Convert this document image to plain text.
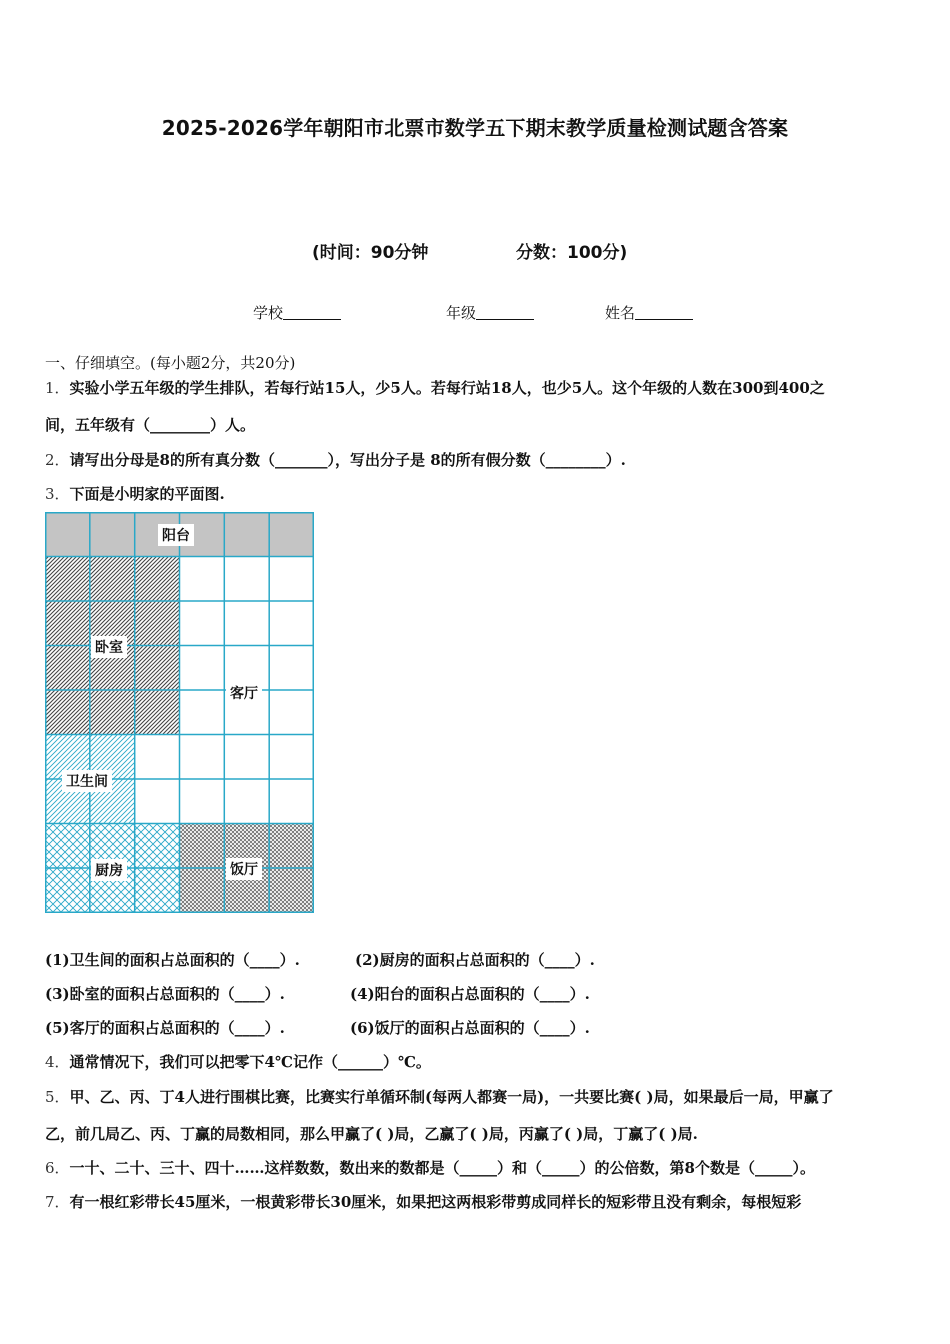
2025-2026学年朝阳市北票市数学五下期末教学质量检测试题含答案
(时间：90分钟	分数：100分)
学校	年级	姓名
一、仔细填空。(每小题2分，共20分)
1．实验小学五年级的学生排队，若每行站15人，少5人。若每行站18人，也少5人。这个年级的人数在300到400之
间，五年级有（________）人。
2．请写出分母是8的所有真分数（_______），写出分子是 8的所有假分数（________）.
3．下面是小明家的平面图.
阳台
卧室
客厅
卫生间
厨房	饭厅
(1)卫生间的面积占总面积的（____）.	(2)厨房的面积占总面积的（____）.
(3)卧室的面积占总面积的（____）.	(4)阳台的面积占总面积的（____）.
(5)客厅的面积占总面积的（____）.	(6)饭厅的面积占总面积的（____）.
4．通常情况下，我们可以把零下4℃记作（______）℃。
5．甲、乙、丙、丁4人进行围棋比赛，比赛实行单循环制(每两人都赛一局)，一共要比赛( )局，如果最后一局，甲赢了
乙，前几局乙、丙、丁赢的局数相同，那么甲赢了( )局，乙赢了( )局，丙赢了( )局，丁赢了( )局.
6．一十、二十、三十、四十……这样数数，数出来的数都是（_____）和（_____）的公倍数，第8个数是（_____）。
7．有一根红彩带长45厘米，一根黄彩带长30厘米，如果把这两根彩带剪成同样长的短彩带且没有剩余，每根短彩
